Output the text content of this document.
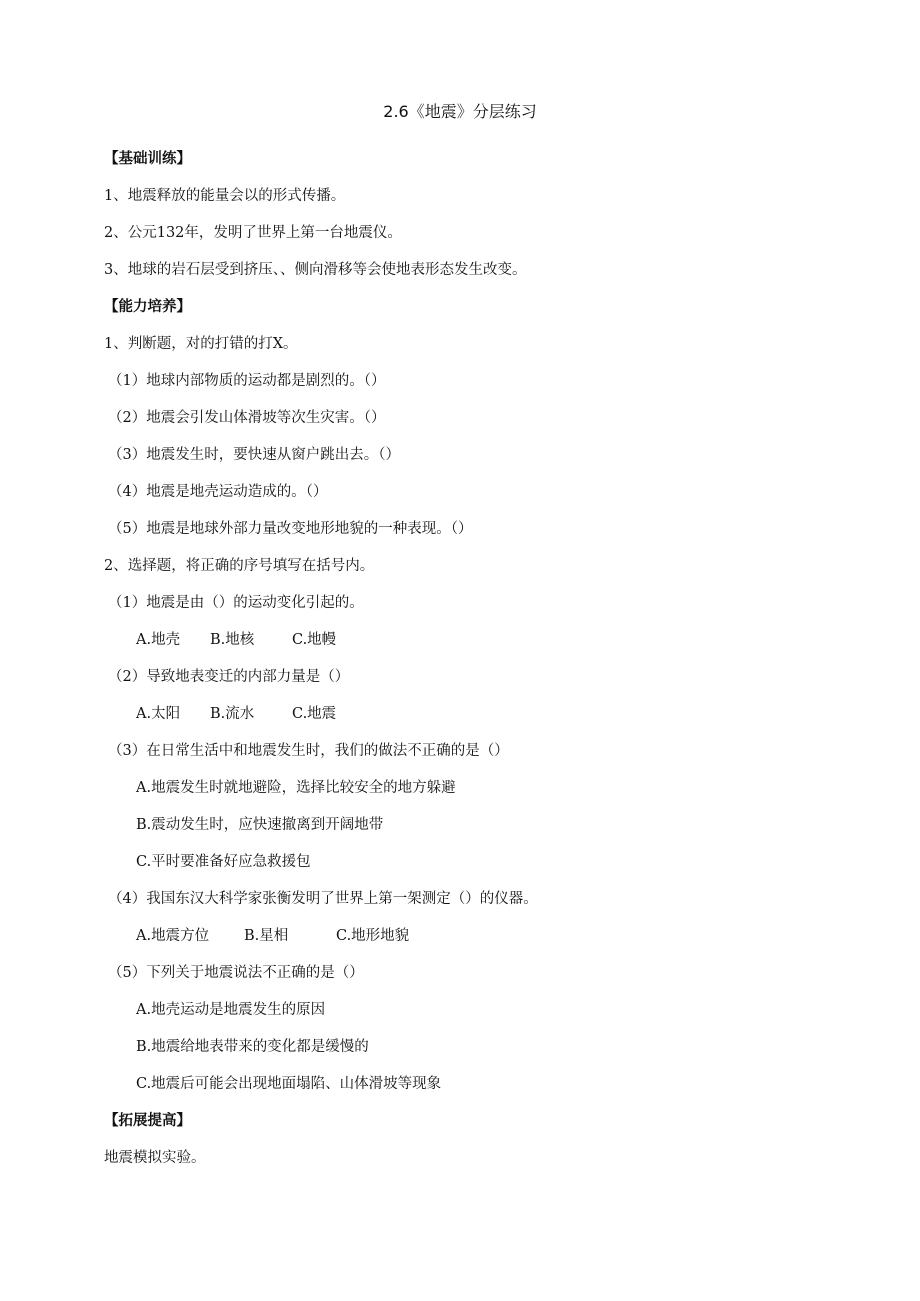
2.6《地震》分层练习
【基础训练】
1、地震释放的能量会以的形式传播。
2、公元132年，发明了世界上第一台地震仪。
3、地球的岩石层受到挤压、、侧向滑移等会使地表形态发生改变。
【能力培养】
1、判断题，对的打错的打X。
（1）地球内部物质的运动都是剧烈的。（）
（2）地震会引发山体滑坡等次生灾害。（）
（3）地震发生时，要快速从窗户跳出去。（）
（4）地震是地壳运动造成的。（）
（5）地震是地球外部力量改变地形地貌的一种表现。（）
2、选择题，将正确的序号填写在括号内。
（1）地震是由（）的运动变化引起的。
A.地壳 B.地核	C.地幔
（2）导致地表变迁的内部力量是（）
A.太阳 B.流水	C.地震
（3）在日常生活中和地震发生时，我们的做法不正确的是（）
A.地震发生时就地避险，选择比较安全的地方躲避
B.震动发生时，应快速撤离到开阔地带
C.平时要准备好应急救援包
（4）我国东汉大科学家张衡发明了世界上第一架测定（）的仪器。
A.地震方位 B.星相	C.地形地貌
（5）下列关于地震说法不正确的是（）
A.地壳运动是地震发生的原因
B.地震给地表带来的变化都是缓慢的
C.地震后可能会出现地面塌陷、山体滑坡等现象
【拓展提高】
地震模拟实验。
